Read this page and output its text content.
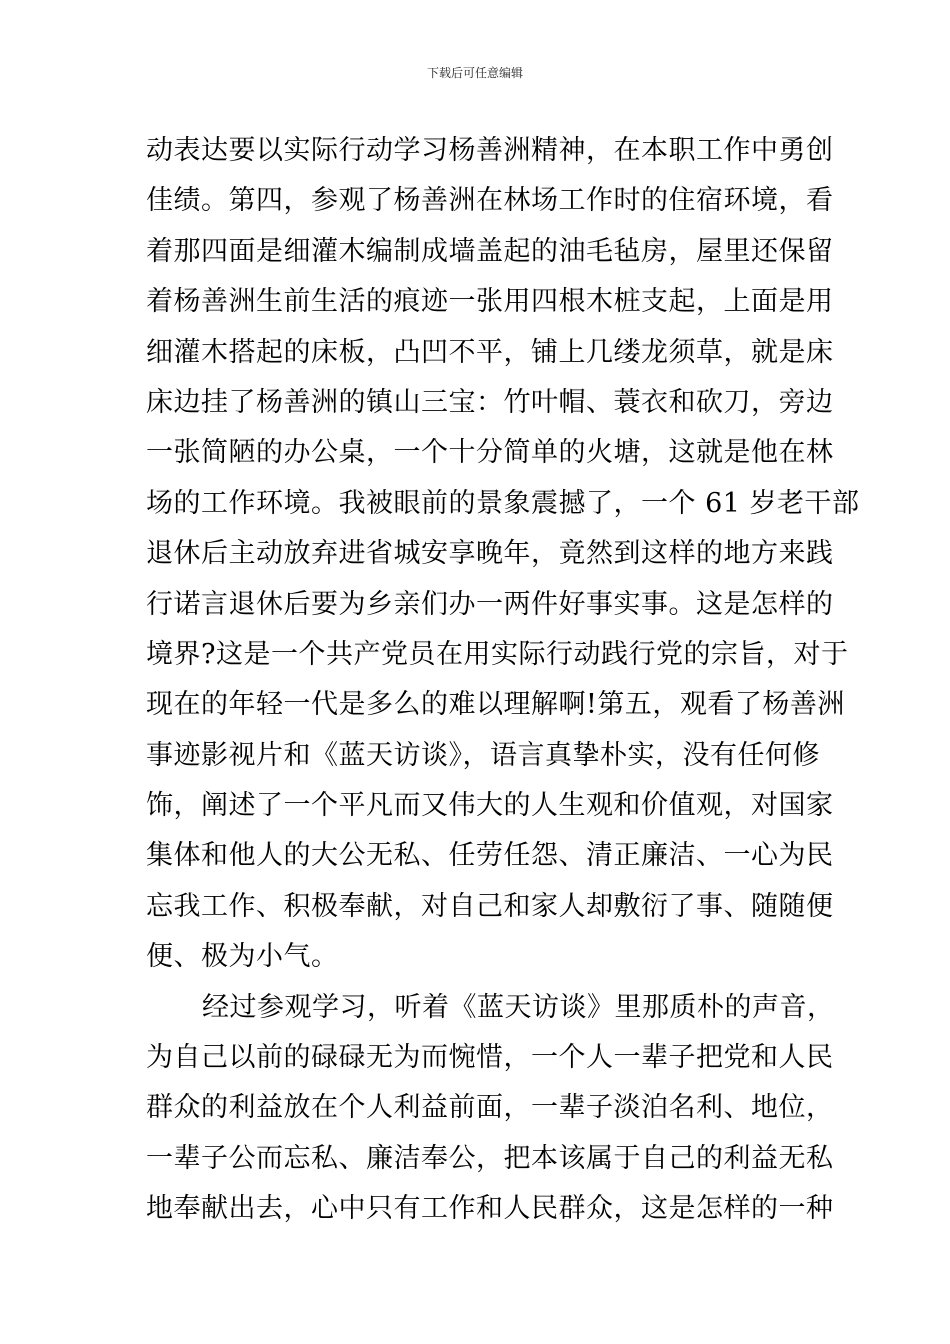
下载后可任意编辑
动表达要以实际行动学习杨善洲精神，在本职工作中勇创
佳绩。第四，参观了杨善洲在林场工作时的住宿环境，看
着那四面是细灌木编制成墙盖起的油毛毡房，屋里还保留
着杨善洲生前生活的痕迹一张用四根木桩支起，上面是用
细灌木搭起的床板，凸凹不平，铺上几缕龙须草，就是床
床边挂了杨善洲的镇山三宝：竹叶帽、蓑衣和砍刀，旁边
一张简陋的办公桌，一个十分简单的火塘，这就是他在林
场的工作环境。我被眼前的景象震撼了，一个 61 岁老干部
退休后主动放弃进省城安享晚年，竟然到这样的地方来践
行诺言退休后要为乡亲们办一两件好事实事。这是怎样的
境界?这是一个共产党员在用实际行动践行党的宗旨，对于
现在的年轻一代是多么的难以理解啊!第五，观看了杨善洲
事迹影视片和《蓝天访谈》，语言真挚朴实，没有任何修
饰，阐述了一个平凡而又伟大的人生观和价值观，对国家
集体和他人的大公无私、任劳任怨、清正廉洁、一心为民
忘我工作、积极奉献，对自己和家人却敷衍了事、随随便
便、极为小气。
经过参观学习，听着《蓝天访谈》里那质朴的声音，
为自己以前的碌碌无为而惋惜，一个人一辈子把党和人民
群众的利益放在个人利益前面，一辈子淡泊名利、地位，
一辈子公而忘私、廉洁奉公，把本该属于自己的利益无私
地奉献出去，心中只有工作和人民群众，这是怎样的一种
